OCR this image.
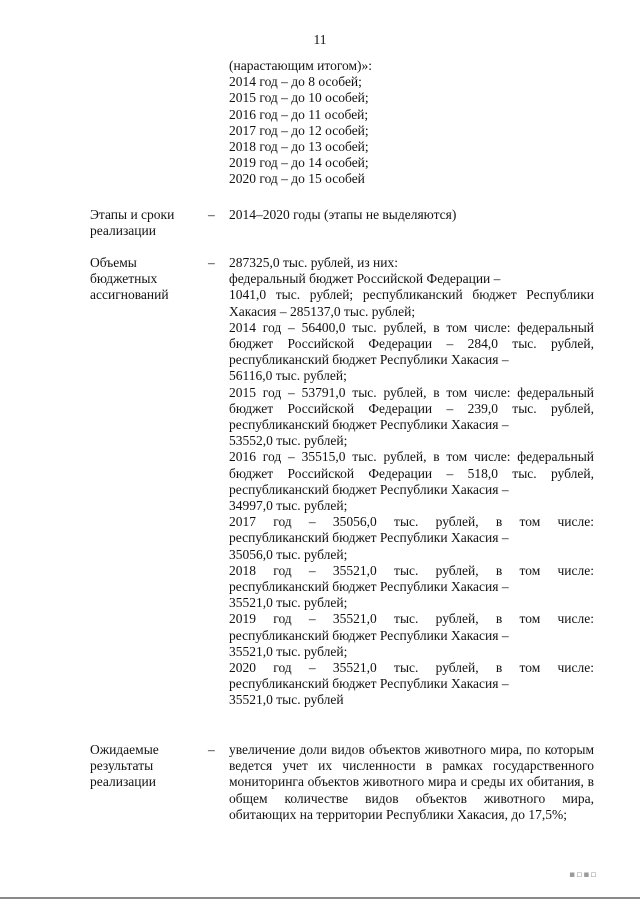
11
(нарастающим итогом)»:
2014 год – до 8 особей;
2015 год – до 10 особей;
2016 год – до 11 особей;
2017 год – до 12 особей;
2018 год – до 13 особей;
2019 год – до 14 особей;
2020 год – до 15 особей
Этапы и сроки
реализации
– 2014–2020 годы (этапы не выделяются)
Объемы
бюджетных
ассигнований
– 287325,0 тыс. рублей, из них:
федеральный бюджет Российской Федерации –
1041,0 тыс. рублей; республиканский бюджет Республики
Хакасия – 285137,0 тыс. рублей;
2014 год – 56400,0 тыс. рублей, в том числе: федеральный
бюджет Российской Федерации – 284,0 тыс. рублей,
республиканский бюджет Республики Хакасия –
56116,0 тыс. рублей;
2015 год – 53791,0 тыс. рублей, в том числе: федеральный
бюджет Российской Федерации – 239,0 тыс. рублей,
республиканский бюджет Республики Хакасия –
53552,0 тыс. рублей;
2016 год – 35515,0 тыс. рублей, в том числе: федеральный
бюджет Российской Федерации – 518,0 тыс. рублей,
республиканский бюджет Республики Хакасия –
34997,0 тыс. рублей;
2017 год – 35056,0 тыс. рублей, в том числе:
республиканский бюджет Республики Хакасия –
35056,0 тыс. рублей;
2018 год – 35521,0 тыс. рублей, в том числе:
республиканский бюджет Республики Хакасия –
35521,0 тыс. рублей;
2019 год – 35521,0 тыс. рублей, в том числе:
республиканский бюджет Республики Хакасия –
35521,0 тыс. рублей;
2020 год – 35521,0 тыс. рублей, в том числе:
республиканский бюджет Республики Хакасия –
35521,0 тыс. рублей
Ожидаемые
результаты
реализации
– увеличение доли видов объектов животного мира, по которым ведется учет их численности в рамках государственного мониторинга объектов животного мира и среды их обитания, в общем количестве видов объектов животного мира, обитающих на территории Республики Хакасия, до 17,5%;
▪▫▪▫
